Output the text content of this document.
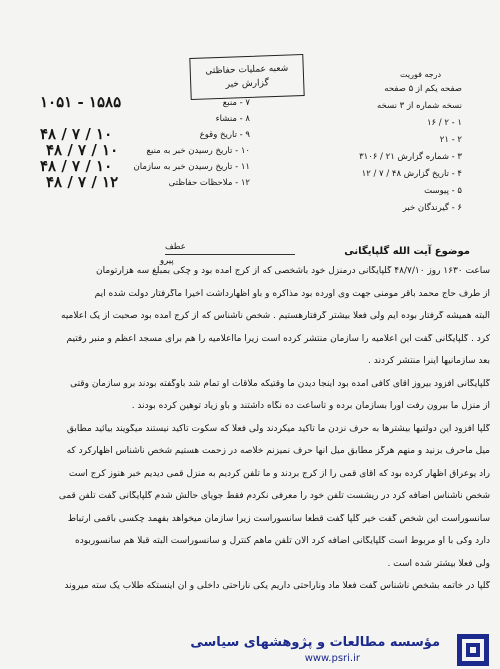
درجه فوریت
شعبه عملیات حفاظتی
گزارش خبر	صفحه یکم از ۵ صفحه
نسخه شماره از ۳ نسخه
۱ - ۲ / ۱۶
۲ - ۲۱
۳ - شماره گزارش ۲۱ / ۳۱۰۶
۴ - تاریخ گزارش ۴۸ / ۷ / ۱۲
۵ - پیوست
۶ - گیرندگان خبر
۷ - منبع
۱۰۵۱ - ۱۵۸۵
۸ - منشاء
۹ - تاریخ وقوع
۴۸ / ۷ / ۱۰
۱۰ - تاریخ رسیدن خبر به منبع
۴۸ / ۷ / ۱۰
۱۱ - تاریخ رسیدن خبر به سازمان
۴۸ / ۷ / ۱۰
۱۲ - ملاحظات حفاظتی
۴۸ / ۷ / ۱۲
عطف
پیرو
موضوع آیت الله گلپایگانی
ساعت ۱۶۳۰ روز ۴۸/۷/۱۰ گلپایگانی درمنزل خود باشخصی که از کرج آمده بود و چکی بمبلغ سه هزارتومان
از طرف حاج محمد باقر مومنی جهت وی آورده بود مذاکره و باو اظهارداشت اخیرا ماگرفتار دولت شده ایم
البته همیشه گرفتار بوده ایم ولی فعلا بیشتر گرفتارهستیم . شخص ناشناس که از کرج آمده بود صحبت از یک اعلامیه
کرد . گلپایگانی گفت این اعلامیه را سازمان منتشر کرده است زیرا مااعلامیه را هم برای مسجد اعظم و منبر رفتیم
بعد سازمانیها اینرا منتشر کردند .
گلپایگانی افزود بیروز آقای کافی آمده بود اینجا دیدن ما وقتیکه ملاقات او تمام شد باوگفته بودند برو سازمان وقتی
از منزل ما بیرون رفت اورا بسازمان برده و تاساعت ده نگاه داشتند و باو زیاد توهین کرده بودند .
گلپا افزود این دولتیها بیشترها به حرف نزدن ما تاکید میکردند ولی فعلا که سکوت تاکید نیستند میگویند بیائید مطابق
میل ماحرف بزنید و منهم هرگز مطابق میل آنها حرف نمیزنم خلاصه در زحمت هستیم شخص ناشناس اظهارکرد که
راد یوعراق اظهار کرده بود که آقای قمی را از کرج بردند و ما تلفن کردیم به منزل قمی دیدیم خبر هنوز کرج است
شخص ناشناس اضافه کرد در ریشست تلفن خود را معرفی نکردم فقط جویای حالش شدم گلپایگانی گفت تلفن قمی
سانسوراست این شخص گفت خیر گلپا گفت قطعا سانسوراست زیرا سازمان میخواهد بفهمد چکسی باقمی ارتباط
دارد وکی با او مربوط است گلپایگانی اضافه کرد الان تلفن ماهم کنترل و سانسوراست البته قبلا هم سانسوربوده
ولی فعلا بیشتر شده است .
گلپا در خاتمه بشخص ناشناس گفت فعلا ماد وناراحتی داریم یکی ناراحتی داخلی و آن اینستکه طلاب یک سته میروند
مؤسسه مطالعات و پژوهشهای سیاسی
www.psri.ir
